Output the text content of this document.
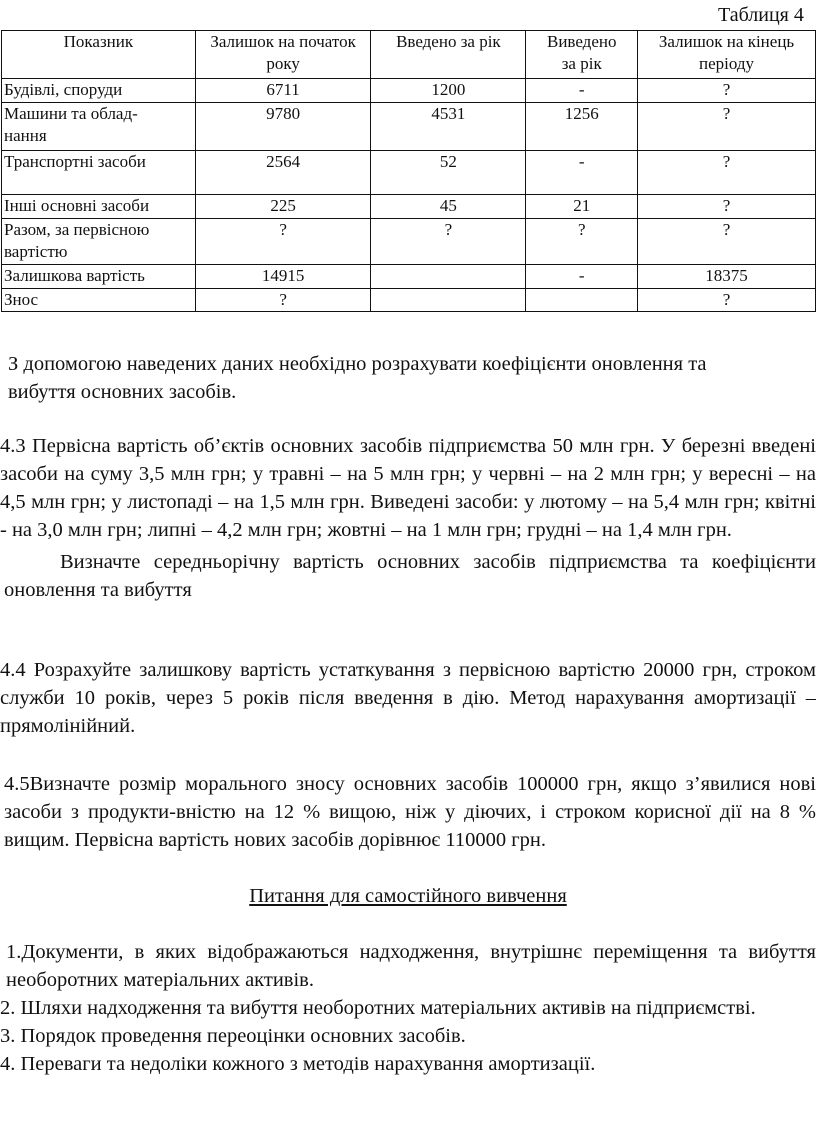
Таблиця 4
Показник	Залишок на початок року	Введено за рік	Виведено за рік	Залишок на кінець періоду
Будівлі, споруди	6711	1200	-	?
Машини та облад- нання	9780	4531	1256	?
Транспортні засоби	2564	52	-	?
Інші основні засоби	225	45	21	?
Разом, за первісною вартістю	?	?	?	?
Залишкова вартість	14915		-	18375
Знос	?			?

З допомогою наведених даних необхідно розрахувати коефіцієнти оновлення та вибуття основних засобів.

4.3 Первісна вартість об’єктів основних засобів підприємства 50 млн грн. У березні введені засоби на суму 3,5 млн грн; у травні – на 5 млн грн; у червні – на 2 млн грн; у вересні – на 4,5 млн грн; у листопаді – на 1,5 млн грн. Виведені засоби: у лютому – на 5,4 млн грн; квітні - на 3,0 млн грн; липні – 4,2 млн грн; жовтні – на 1 млн грн; грудні – на 1,4 млн грн.

Визначте середньорічну вартість основних засобів підприємства та коефіцієнти оновлення та вибуття

4.4 Розрахуйте залишкову вартість устаткування з первісною вартістю 20000 грн, строком служби 10 років, через 5 років після введення в дію. Метод нарахування амортизації – прямолінійний.

4.5Визначте розмір морального зносу основних засобів 100000 грн, якщо з’явилися нові засоби з продукти-вністю на 12 % вищою, ніж у діючих, і строком корисної дії на 8 % вищим. Первісна вартість нових засобів дорівнює 110000 грн.

Питання для самостійного вивчення

1.Документи, в яких відображаються надходження, внутрішнє переміщення та вибуття необоротних матеріальних активів.

2. Шляхи надходження та вибуття необоротних матеріальних активів на підприємстві.

3. Порядок проведення переоцінки основних засобів.

4. Переваги та недоліки кожного з методів нарахування амортизації.
